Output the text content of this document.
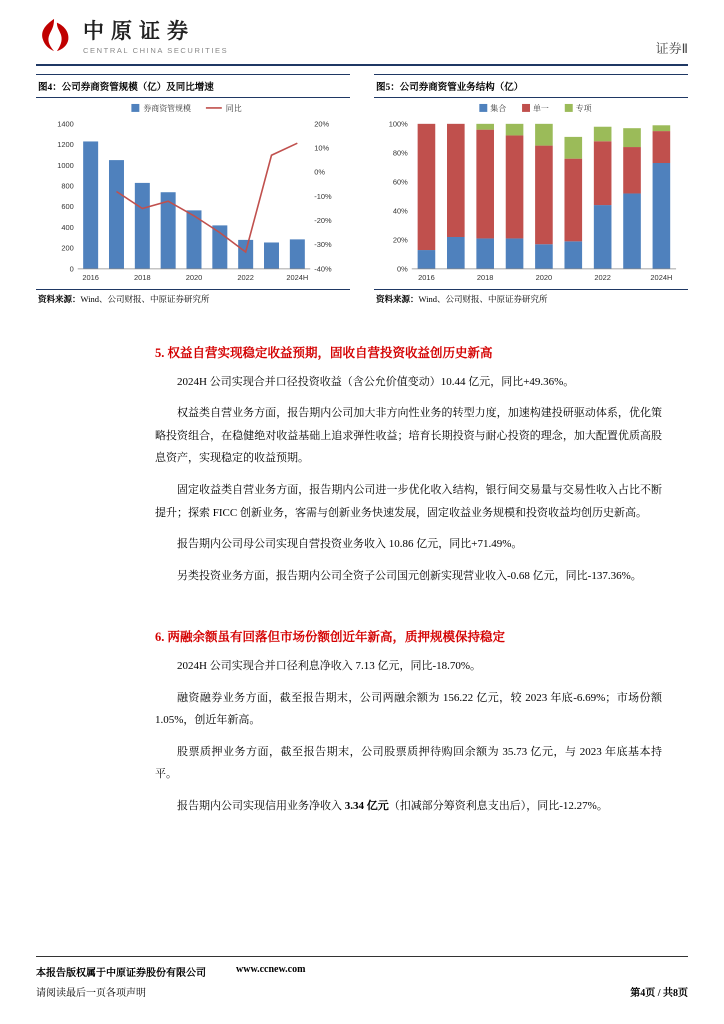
中原证券
CENTRAL CHINA SECURITIES	证券Ⅱ
图4：公司券商资管规模（亿）及同比增速
0
200
400
600
800
1000
1200
1400	20%
10%
0%
-10%
-20%
-30%
-40%
2016	2018	2020	2022	2024H
券商资管规模	同比
资料来源：Wind、公司财报、中原证券研究所
图5：公司券商资管业务结构（亿）
0%
20%
40%
60%
80%
100%
2016	2018	2020	2022	2024H
集合	单一	专项
资料来源：Wind、公司财报、中原证券研究所
5. 权益自营实现稳定收益预期，固收自营投资收益创历史新高

2024H 公司实现合并口径投资收益（含公允价值变动）10.44 亿元，同比+49.36%。

权益类自营业务方面，报告期内公司加大非方向性业务的转型力度，加速构建投研驱动体系，优化策略投资组合，在稳健绝对收益基础上追求弹性收益；培育长期投资与耐心投资的理念，加大配置优质高股息资产，实现稳定的收益预期。

固定收益类自营业务方面，报告期内公司进一步优化收入结构，银行间交易量与交易性收入占比不断提升；探索 FICC 创新业务，客需与创新业务快速发展，固定收益业务规模和投资收益均创历史新高。

报告期内公司母公司实现自营投资业务收入 10.86 亿元，同比+71.49%。

另类投资业务方面，报告期内公司全资子公司国元创新实现营业收入-0.68 亿元，同比-137.36%。

6. 两融余额虽有回落但市场份额创近年新高，质押规模保持稳定

2024H 公司实现合并口径利息净收入 7.13 亿元，同比-18.70%。

融资融券业务方面，截至报告期末，公司两融余额为 156.22 亿元，较 2023 年底-6.69%；市场份额 1.05%，创近年新高。

股票质押业务方面，截至报告期末，公司股票质押待购回余额为 35.73 亿元，与 2023 年底基本持平。

报告期内公司实现信用业务净收入 3.34 亿元（扣减部分筹资利息支出后），同比-12.27%。

本报告版权属于中原证券股份有限公司	www.ccnew.com
请阅读最后一页各项声明	第4页 / 共8页
